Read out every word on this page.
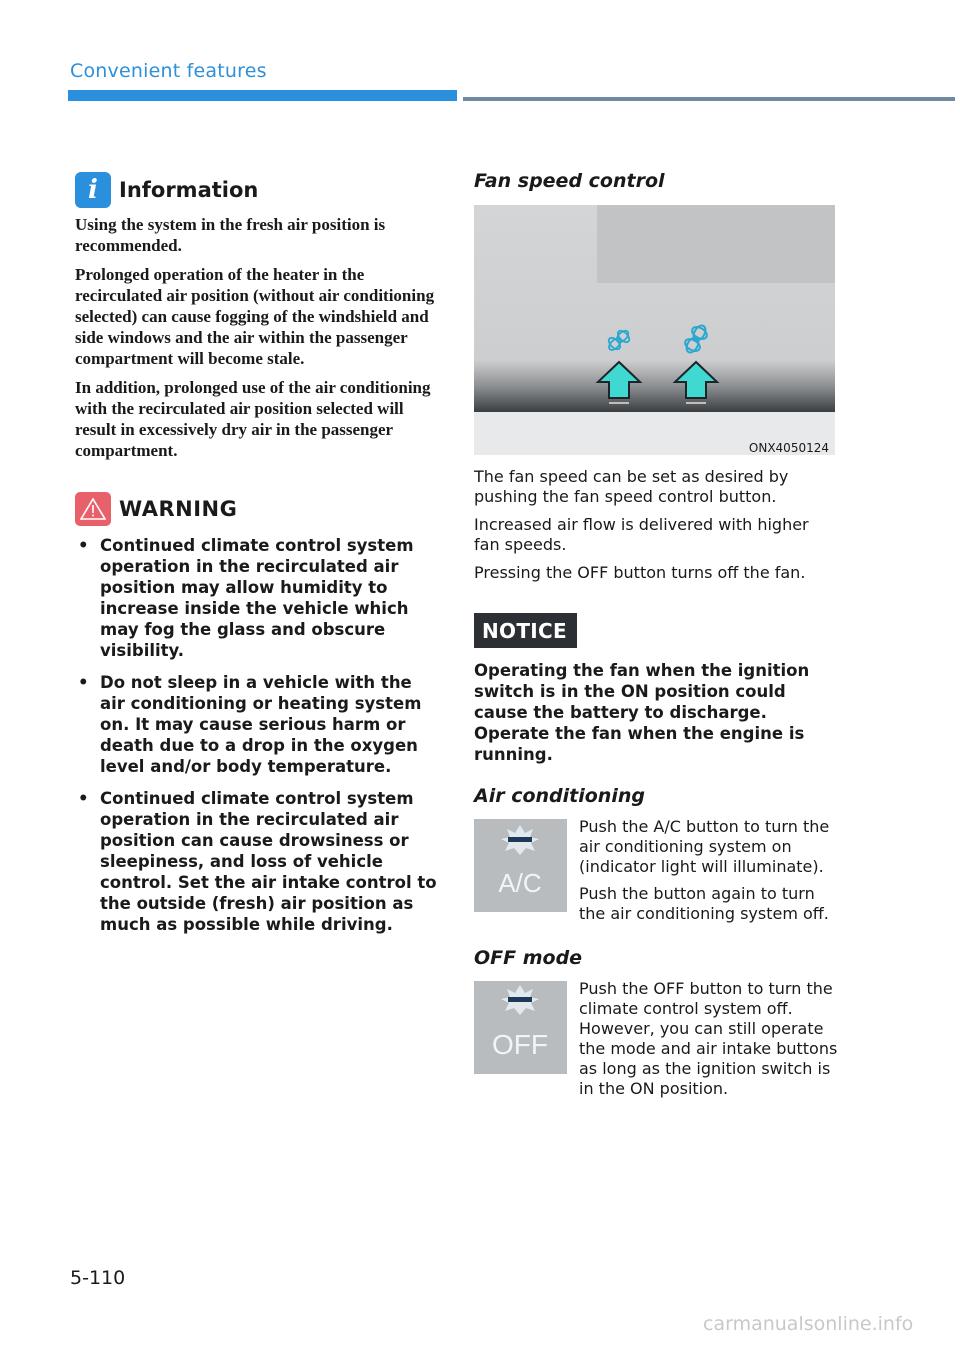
Convenient features
i Information

Using the system in the fresh air position is recommended.

Prolonged operation of the heater in the recirculated air position (without air conditioning selected) can cause fogging of the windshield and side windows and the air within the passenger compartment will become stale.

In addition, prolonged use of the air conditioning with the recirculated air position selected will result in excessively dry air in the passenger compartment.

WARNING
• Continued climate control system operation in the recirculated air position may allow humidity to increase inside the vehicle which may fog the glass and obscure visibility.
• Do not sleep in a vehicle with the air conditioning or heating system on. It may cause serious harm or death due to a drop in the oxygen level and/or body temperature.
• Continued climate control system operation in the recirculated air position can cause drowsiness or sleepiness, and loss of vehicle control. Set the air intake control to the outside (fresh) air position as much as possible while driving.
Fan speed control
ONX4050124

The fan speed can be set as desired by pushing the fan speed control button.

Increased air flow is delivered with higher fan speeds.

Pressing the OFF button turns off the fan.

NOTICE

Operating the fan when the ignition switch is in the ON position could cause the battery to discharge. Operate the fan when the engine is running.

Air conditioning
A/C

Push the A/C button to turn the air conditioning system on (indicator light will illuminate).

Push the button again to turn the air conditioning system off.

OFF mode
OFF

Push the OFF button to turn the climate control system off. However, you can still operate the mode and air intake buttons as long as the ignition switch is in the ON position.

5-110
carmanualsonline.info
